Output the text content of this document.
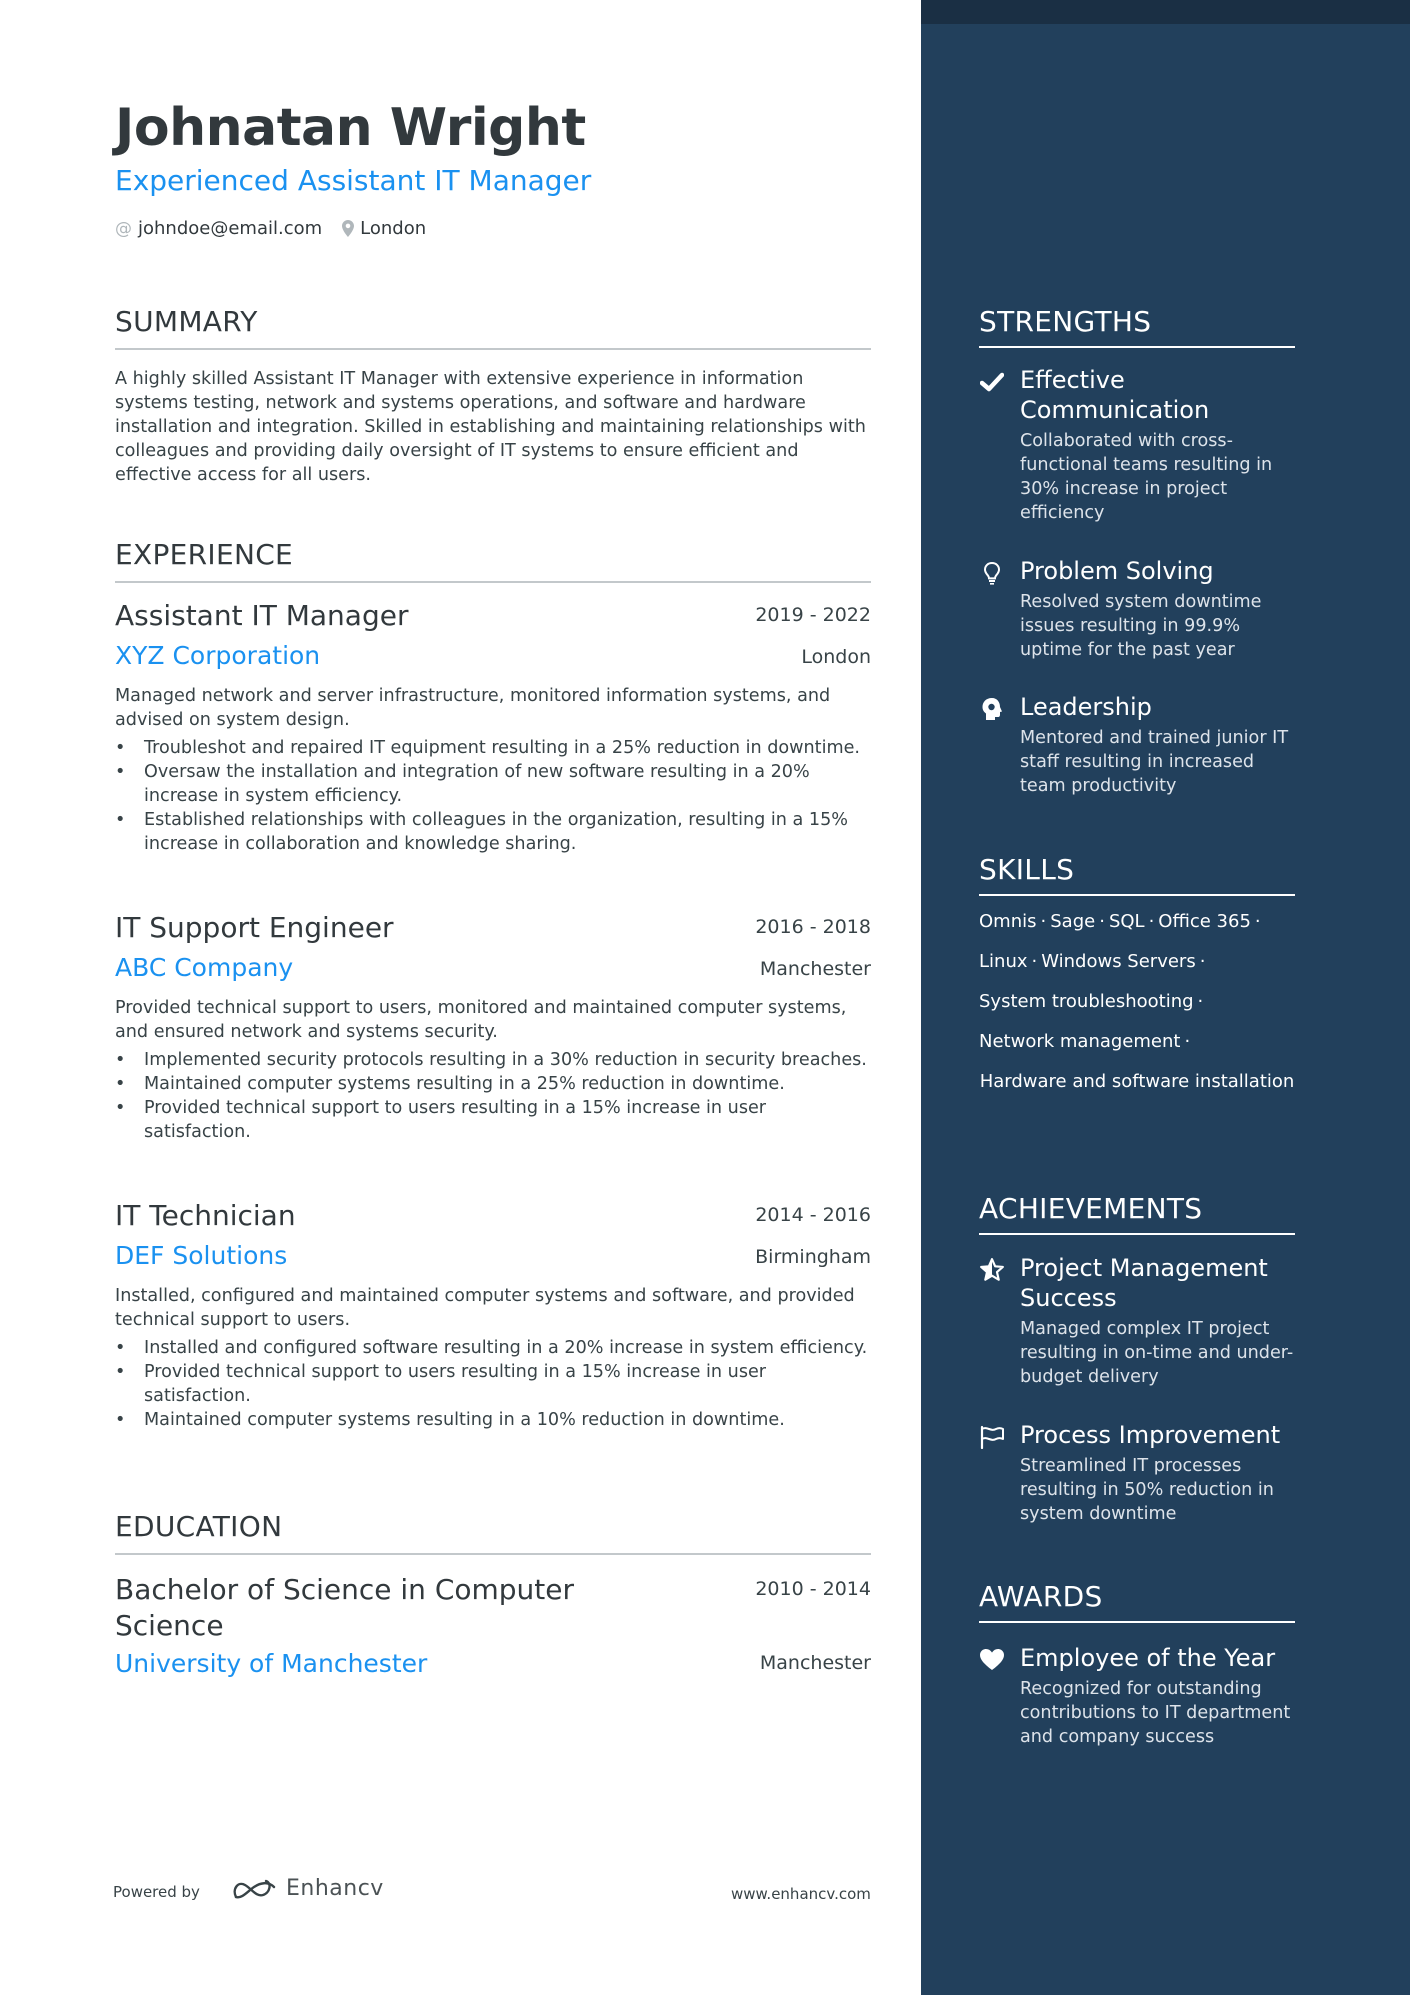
Johnatan Wright
Experienced Assistant IT Manager
@ johndoe@email.com London
SUMMARY
A highly skilled Assistant IT Manager with extensive experience in information systems testing, network and systems operations, and software and hardware installation and integration. Skilled in establishing and maintaining relationships with colleagues and providing daily oversight of IT systems to ensure efficient and effective access for all users.
EXPERIENCE
Assistant IT Manager	2019 - 2022
XYZ Corporation	London
Managed network and server infrastructure, monitored information systems, and advised on system design.
• Troubleshot and repaired IT equipment resulting in a 25% reduction in downtime.
• Oversaw the installation and integration of new software resulting in a 20% increase in system efficiency.
• Established relationships with colleagues in the organization, resulting in a 15% increase in collaboration and knowledge sharing.
IT Support Engineer	2016 - 2018
ABC Company	Manchester
Provided technical support to users, monitored and maintained computer systems, and ensured network and systems security.
• Implemented security protocols resulting in a 30% reduction in security breaches.
• Maintained computer systems resulting in a 25% reduction in downtime.
• Provided technical support to users resulting in a 15% increase in user satisfaction.
IT Technician	2014 - 2016
DEF Solutions	Birmingham
Installed, configured and maintained computer systems and software, and provided technical support to users.
• Installed and configured software resulting in a 20% increase in system efficiency.
• Provided technical support to users resulting in a 15% increase in user satisfaction.
• Maintained computer systems resulting in a 10% reduction in downtime.
EDUCATION
Bachelor of Science in Computer Science
2010 - 2014
University of Manchester	Manchester
Powered by	Enhancv	www.enhancv.com
STRENGTHS
Effective Communication
Collaborated with cross-functional teams resulting in 30% increase in project efficiency
Problem Solving
Resolved system downtime issues resulting in 99.9% uptime for the past year
Leadership
Mentored and trained junior IT staff resulting in increased team productivity
SKILLS
Omnis · Sage · SQL · Office 365 ·
Linux · Windows Servers ·
System troubleshooting ·
Network management ·
Hardware and software installation
ACHIEVEMENTS
Project Management Success
Managed complex IT project resulting in on-time and under-budget delivery
Process Improvement
Streamlined IT processes resulting in 50% reduction in system downtime
AWARDS
Employee of the Year
Recognized for outstanding contributions to IT department and company success
